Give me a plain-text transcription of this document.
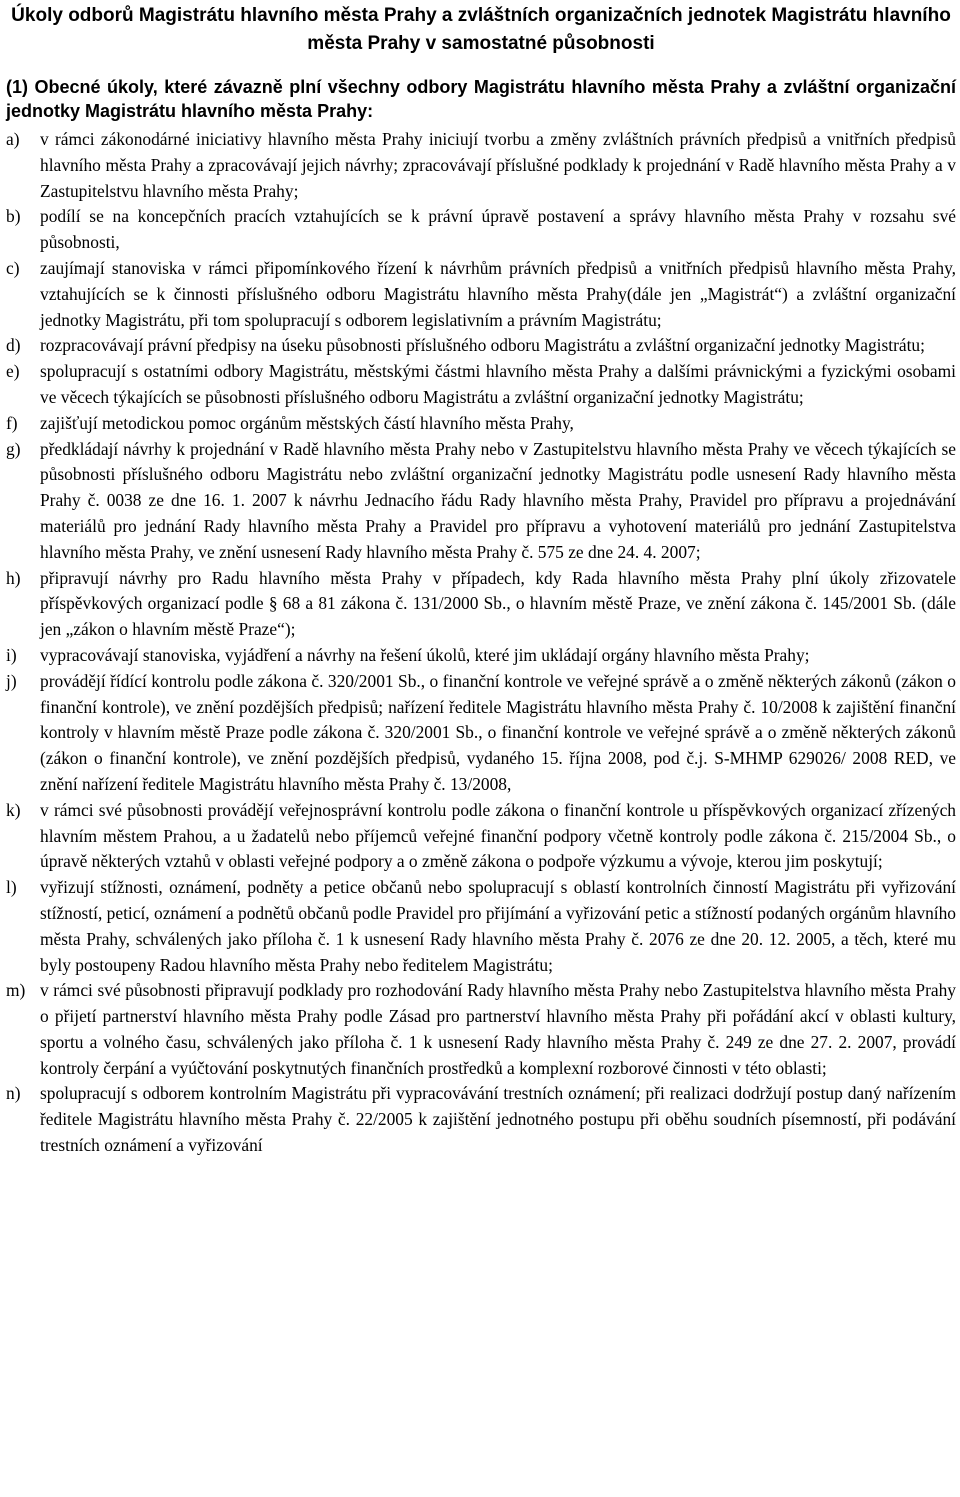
Úkoly odborů Magistrátu hlavního města Prahy a zvláštních organizačních jednotek Magistrátu hlavního města Prahy v samostatné působnosti

(1) Obecné úkoly, které závazně plní všechny odbory Magistrátu hlavního města Prahy a zvláštní organizační jednotky Magistrátu hlavního města Prahy:

a)	v rámci zákonodárné iniciativy hlavního města Prahy iniciují tvorbu a změny zvláštních právních předpisů a vnitřních předpisů hlavního města Prahy a zpracovávají jejich návrhy; zpracovávají příslušné podklady k projednání v Radě hlavního města Prahy a v Zastupitelstvu hlavního města Prahy;
b)	podílí se na koncepčních pracích vztahujících se k právní úpravě postavení a správy hlavního města Prahy v rozsahu své působnosti,
c)	zaujímají stanoviska v rámci připomínkového řízení k návrhům právních předpisů a vnitřních předpisů hlavního města Prahy, vztahujících se k činnosti příslušného odboru Magistrátu hlavního města Prahy(dále jen „Magistrát“) a zvláštní organizační jednotky Magistrátu, při tom spolupracují s odborem legislativním a právním Magistrátu;
d)	rozpracovávají právní předpisy na úseku působnosti příslušného odboru Magistrátu a zvláštní organizační jednotky Magistrátu;
e)	spolupracují s ostatními odbory Magistrátu, městskými částmi hlavního města Prahy a dalšími právnickými a fyzickými osobami ve věcech týkajících se působnosti příslušného odboru Magistrátu a zvláštní organizační jednotky Magistrátu;
f)	zajišťují metodickou pomoc orgánům městských částí hlavního města Prahy,
g)	předkládají návrhy k projednání v Radě hlavního města Prahy nebo v Zastupitelstvu hlavního města Prahy ve věcech týkajících se působnosti příslušného odboru Magistrátu nebo zvláštní organizační jednotky Magistrátu podle usnesení Rady hlavního města Prahy č. 0038 ze dne 16. 1. 2007 k návrhu Jednacího řádu Rady hlavního města Prahy, Pravidel pro přípravu a projednávání materiálů pro jednání Rady hlavního města Prahy a Pravidel pro přípravu a vyhotovení materiálů pro jednání Zastupitelstva hlavního města Prahy, ve znění usnesení Rady hlavního města Prahy č. 575 ze dne 24. 4. 2007;
h)	připravují návrhy pro Radu hlavního města Prahy v případech, kdy Rada hlavního města Prahy plní úkoly zřizovatele příspěvkových organizací podle § 68 a 81 zákona č. 131/2000 Sb., o hlavním městě Praze, ve znění zákona č. 145/2001 Sb. (dále jen „zákon o hlavním městě Praze“);
i)	vypracovávají stanoviska, vyjádření a návrhy na řešení úkolů, které jim ukládají orgány hlavního města Prahy;
j)	provádějí řídící kontrolu podle zákona č. 320/2001 Sb., o finanční kontrole ve veřejné správě a o změně některých zákonů (zákon o finanční kontrole), ve znění pozdějších předpisů; nařízení ředitele Magistrátu hlavního města Prahy č. 10/2008 k zajištění finanční kontroly v hlavním městě Praze podle zákona č. 320/2001 Sb., o finanční kontrole ve veřejné správě a o změně některých zákonů (zákon o finanční kontrole), ve znění pozdějších předpisů, vydaného 15. října 2008, pod č.j. S-MHMP 629026/ 2008 RED, ve znění nařízení ředitele Magistrátu hlavního města Prahy č. 13/2008,
k)	v rámci své působnosti provádějí veřejnosprávní kontrolu podle zákona o finanční kontrole u příspěvkových organizací zřízených hlavním městem Prahou, a u žadatelů nebo příjemců veřejné finanční podpory včetně kontroly podle zákona č. 215/2004 Sb., o úpravě některých vztahů v oblasti veřejné podpory a o změně zákona o podpoře výzkumu a vývoje, kterou jim poskytují;
l)	vyřizují stížnosti, oznámení, podněty a petice občanů nebo spolupracují s oblastí kontrolních činností Magistrátu při vyřizování stížností, peticí, oznámení a podnětů občanů podle Pravidel pro přijímání a vyřizování petic a stížností podaných orgánům hlavního města Prahy, schválených jako příloha č. 1 k usnesení Rady hlavního města Prahy č. 2076 ze dne 20. 12. 2005, a těch, které mu byly postoupeny Radou hlavního města Prahy nebo ředitelem Magistrátu;
m) v rámci své působnosti připravují podklady pro rozhodování Rady hlavního města Prahy nebo Zastupitelstva hlavního města Prahy o přijetí partnerství hlavního města Prahy podle Zásad pro partnerství hlavního města Prahy při pořádání akcí v oblasti kultury, sportu a volného času, schválených jako příloha č. 1 k usnesení Rady hlavního města Prahy č. 249 ze dne 27. 2. 2007, provádí kontroly čerpání a vyúčtování poskytnutých finančních prostředků a komplexní rozborové činnosti v této oblasti;
n)	spolupracují s odborem kontrolním Magistrátu při vypracovávání trestních oznámení; při realizaci dodržují postup daný nařízením ředitele Magistrátu hlavního města Prahy č. 22/2005 k zajištění jednotného postupu při oběhu soudních písemností, při podávání trestních oznámení a vyřizování
